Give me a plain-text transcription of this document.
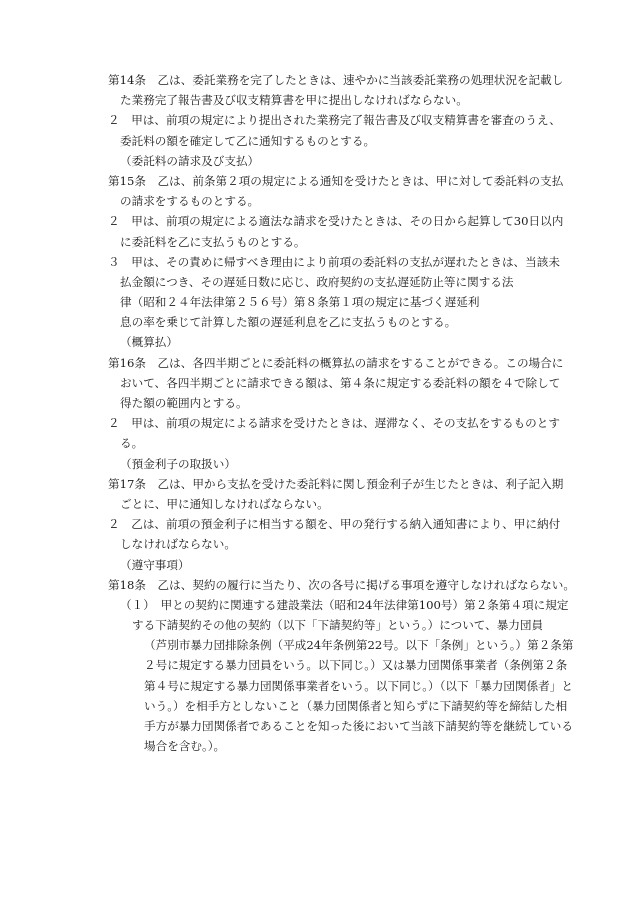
第14条　乙は、委託業務を完了したときは、速やかに当該委託業務の処理状況を記載し
た業務完了報告書及び収支精算書を甲に提出しなければならない。
２　甲は、前項の規定により提出された業務完了報告書及び収支精算書を審査のうえ、
委託料の額を確定して乙に通知するものとする。
（委託料の請求及び支払）
第15条　乙は、前条第２項の規定による通知を受けたときは、甲に対して委託料の支払
の請求をするものとする。
２　甲は、前項の規定による適法な請求を受けたときは、その日から起算して30日以内
に委託料を乙に支払うものとする。
３　甲は、その責めに帰すべき理由により前項の委託料の支払が遅れたときは、当該未
払金額につき、その遅延日数に応じ、政府契約の支払遅延防止等に関する法
律（昭和２４年法律第２５６号）第８条第１項の規定に基づく遅延利
息の率を乗じて計算した額の遅延利息を乙に支払うものとする。
（概算払）
第16条　乙は、各四半期ごとに委託料の概算払の請求をすることができる。この場合に
おいて、各四半期ごとに請求できる額は、第４条に規定する委託料の額を４で除して
得た額の範囲内とする。
２　甲は、前項の規定による請求を受けたときは、遅滞なく、その支払をするものとす
る。
（預金利子の取扱い）
第17条　乙は、甲から支払を受けた委託料に関し預金利子が生じたときは、利子記入期
ごとに、甲に通知しなければならない。
２　乙は、前項の預金利子に相当する額を、甲の発行する納入通知書により、甲に納付
しなければならない。
（遵守事項）
第18条　乙は、契約の履行に当たり、次の各号に掲げる事項を遵守しなければならない。
（１）　甲との契約に関連する建設業法（昭和24年法律第100号）第２条第４項に規定
する下請契約その他の契約（以下「下請契約等」という。）について、暴力団員
（芦別市暴力団排除条例（平成24年条例第22号。以下「条例」という。）第２条第
２号に規定する暴力団員をいう。以下同じ。）又は暴力団関係事業者（条例第２条
第４号に規定する暴力団関係事業者をいう。以下同じ。）（以下「暴力団関係者」と
いう。）を相手方としないこと（暴力団関係者と知らずに下請契約等を締結した相
手方が暴力団関係者であることを知った後において当該下請契約等を継続している
場合を含む。）。
